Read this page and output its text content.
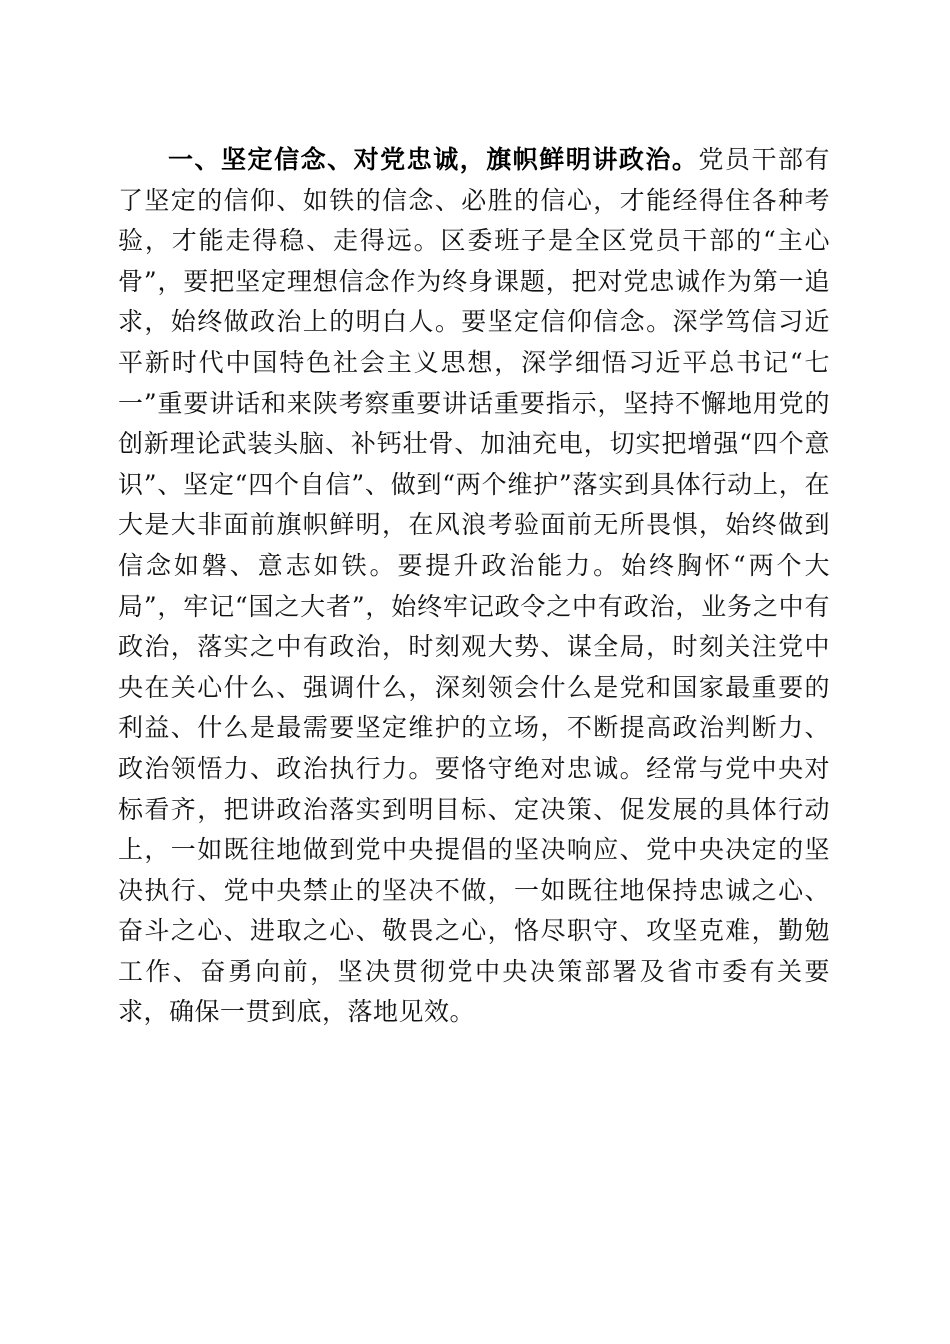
一、坚定信念、对党忠诚，旗帜鲜明讲政治。党员干部有了坚定的信仰、如铁的信念、必胜的信心，才能经得住各种考验，才能走得稳、走得远。区委班子是全区党员干部的“主心骨”，要把坚定理想信念作为终身课题，把对党忠诚作为第一追求，始终做政治上的明白人。要坚定信仰信念。深学笃信习近平新时代中国特色社会主义思想，深学细悟习近平总书记“七一”重要讲话和来陕考察重要讲话重要指示，坚持不懈地用党的创新理论武装头脑、补钙壮骨、加油充电，切实把增强“四个意识”、坚定“四个自信”、做到“两个维护”落实到具体行动上，在大是大非面前旗帜鲜明，在风浪考验面前无所畏惧，始终做到信念如磐、意志如铁。要提升政治能力。始终胸怀“两个大局”，牢记“国之大者”，始终牢记政令之中有政治，业务之中有政治，落实之中有政治，时刻观大势、谋全局，时刻关注党中央在关心什么、强调什么，深刻领会什么是党和国家最重要的利益、什么是最需要坚定维护的立场，不断提高政治判断力、政治领悟力、政治执行力。要恪守绝对忠诚。经常与党中央对标看齐，把讲政治落实到明目标、定决策、促发展的具体行动上，一如既往地做到党中央提倡的坚决响应、党中央决定的坚决执行、党中央禁止的坚决不做，一如既往地保持忠诚之心、奋斗之心、进取之心、敬畏之心，恪尽职守、攻坚克难，勤勉工作、奋勇向前，坚决贯彻党中央决策部署及省市委有关要求，确保一贯到底，落地见效。
